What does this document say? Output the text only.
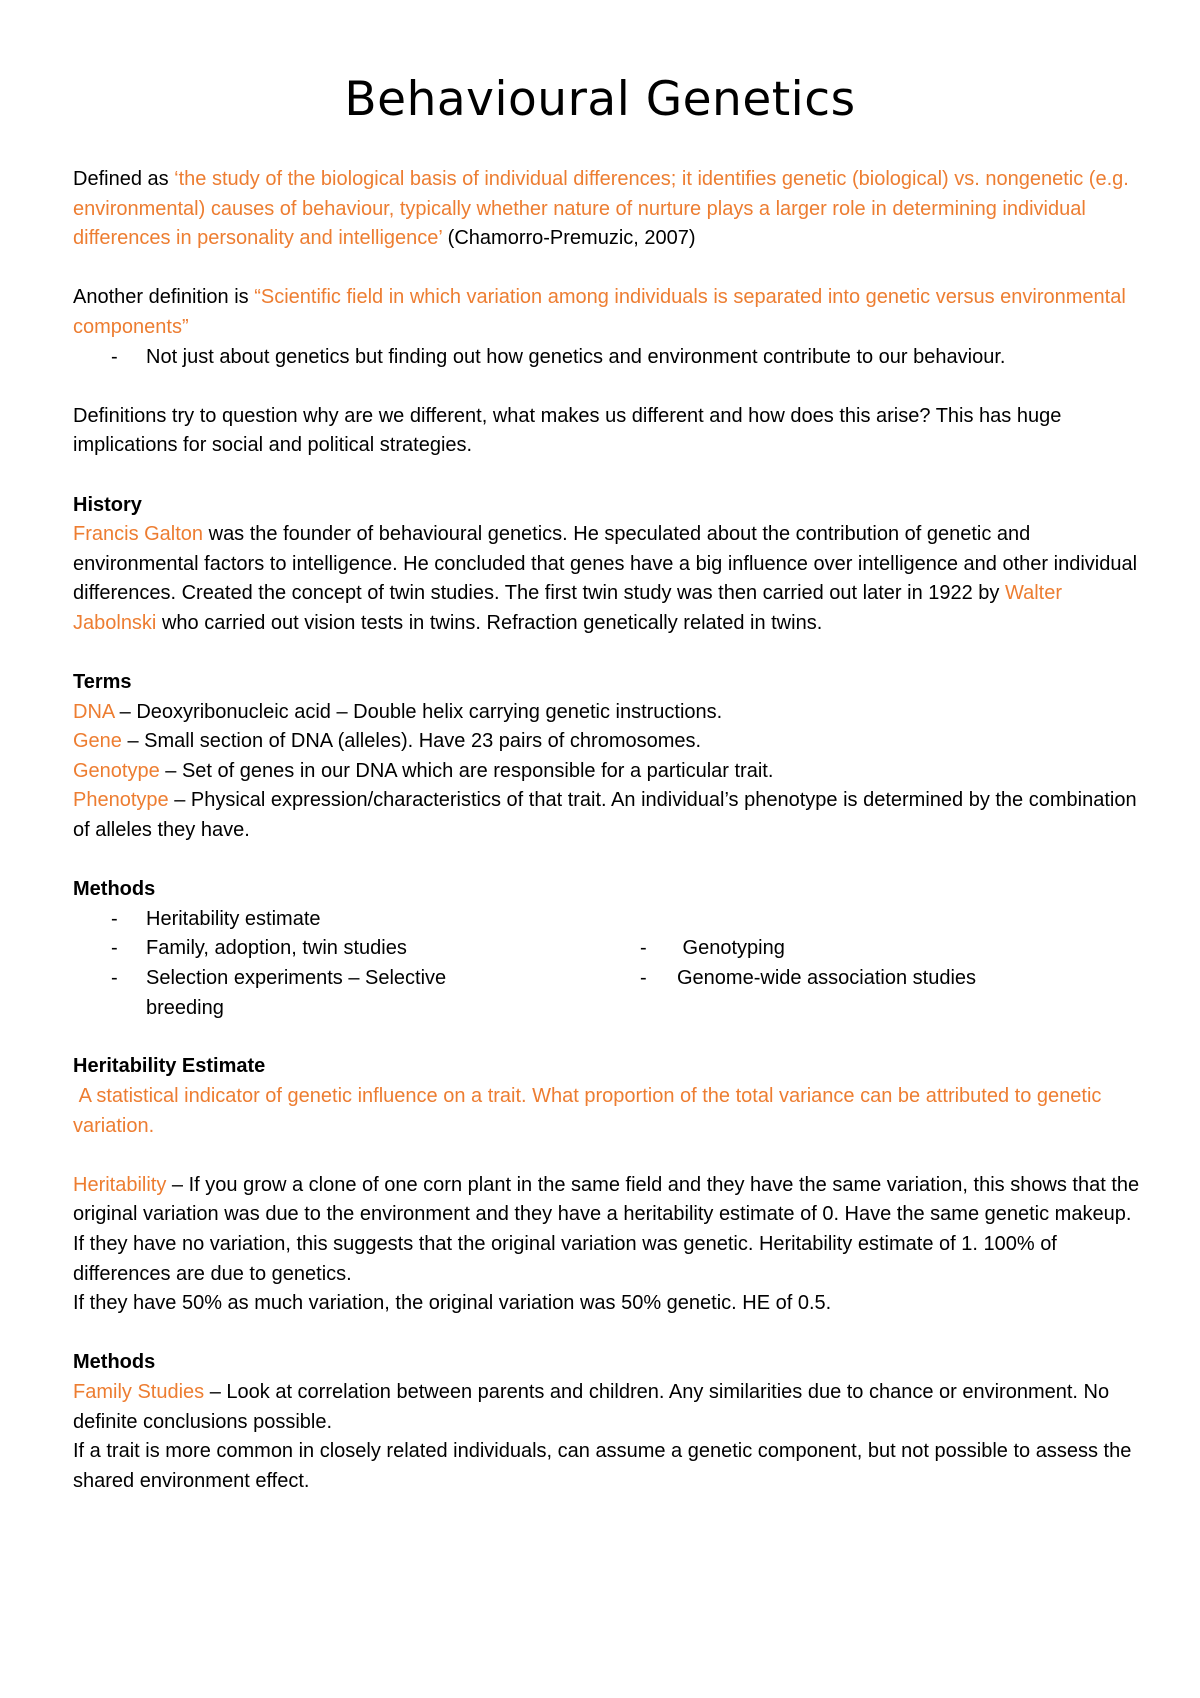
Behavioural Genetics

Defined as ‘the study of the biological basis of individual differences; it identifies genetic (biological) vs. nongenetic (e.g. environmental) causes of behaviour, typically whether nature of nurture plays a larger role in determining individual differences in personality and intelligence’ (Chamorro-Premuzic, 2007)

Another definition is “Scientific field in which variation among individuals is separated into genetic versus environmental components”

- Not just about genetics but finding out how genetics and environment contribute to our behaviour.

Definitions try to question why are we different, what makes us different and how does this arise? This has huge implications for social and political strategies.

History

Francis Galton was the founder of behavioural genetics. He speculated about the contribution of genetic and environmental factors to intelligence. He concluded that genes have a big influence over intelligence and other individual differences. Created the concept of twin studies. The first twin study was then carried out later in 1922 by Walter Jabolnski who carried out vision tests in twins. Refraction genetically related in twins.

Terms

DNA – Deoxyribonucleic acid – Double helix carrying genetic instructions.

Gene – Small section of DNA (alleles). Have 23 pairs of chromosomes.

Genotype – Set of genes in our DNA which are responsible for a particular trait.

Phenotype – Physical expression/characteristics of that trait. An individual’s phenotype is determined by the combination of alleles they have.

Methods

- Heritability estimate
- Family, adoption, twin studies
- Selection experiments – Selective breeding
- Genotyping
- Genome-wide association studies

Heritability Estimate

A statistical indicator of genetic influence on a trait. What proportion of the total variance can be attributed to genetic variation.

Heritability – If you grow a clone of one corn plant in the same field and they have the same variation, this shows that the original variation was due to the environment and they have a heritability estimate of 0. Have the same genetic makeup.

If they have no variation, this suggests that the original variation was genetic. Heritability estimate of 1. 100% of differences are due to genetics.

If they have 50% as much variation, the original variation was 50% genetic. HE of 0.5.

Methods

Family Studies – Look at correlation between parents and children. Any similarities due to chance or environment. No definite conclusions possible.

If a trait is more common in closely related individuals, can assume a genetic component, but not possible to assess the shared environment effect.
